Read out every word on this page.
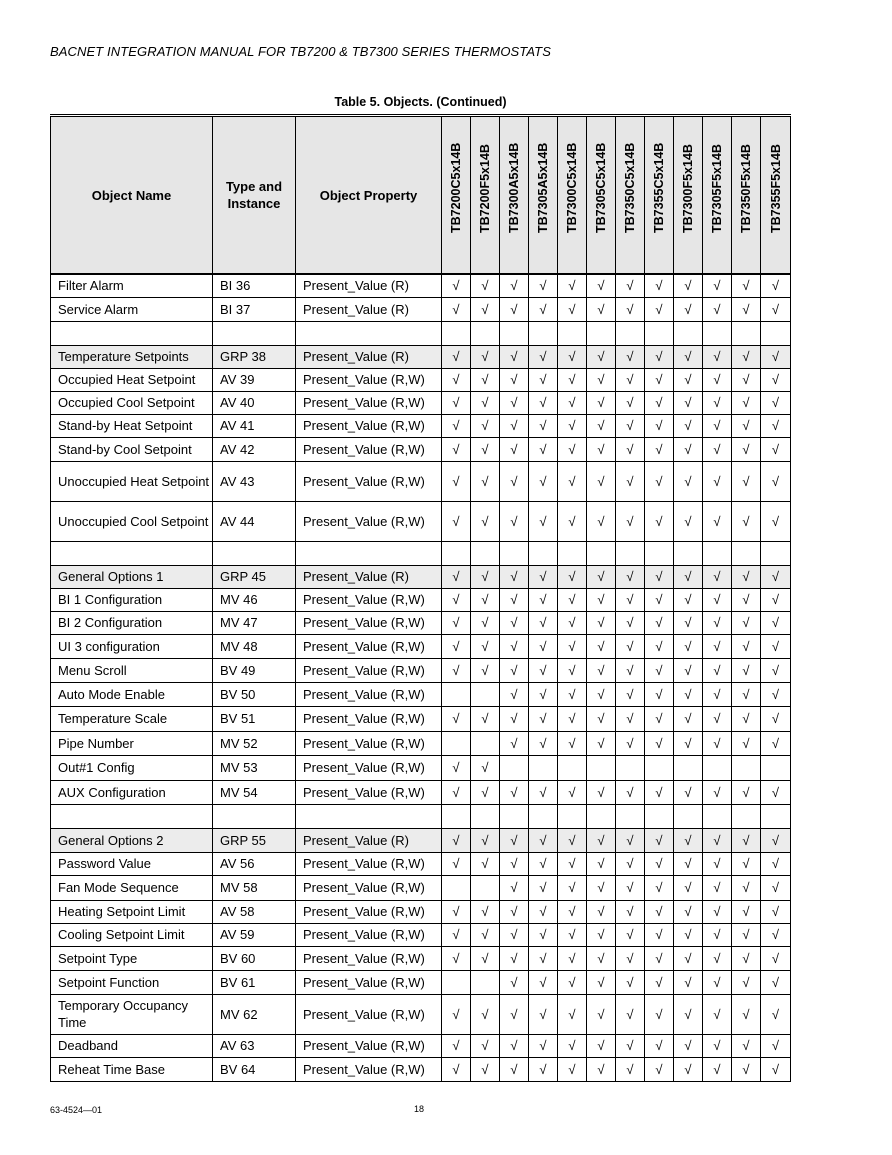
BACNET INTEGRATION MANUAL FOR TB7200 & TB7300 SERIES THERMOSTATS
Table 5. Objects. (Continued)
Object Name	Type and Instance	Object Property	TB7200C5x14B	TB7200F5x14B	TB7300A5x14B	TB7305A5x14B	TB7300C5x14B	TB7305C5x14B	TB7350C5x14B	TB7355C5x14B	TB7300F5x14B	TB7305F5x14B	TB7350F5x14B	TB7355F5x14B

Filter Alarm	BI 36	Present_Value (R)	√	√	√	√	√	√	√	√	√	√	√	√
Service Alarm	BI 37	Present_Value (R)	√	√	√	√	√	√	√	√	√	√	√	√

Temperature Setpoints	GRP 38	Present_Value (R)	√	√	√	√	√	√	√	√	√	√	√	√
Occupied Heat Setpoint	AV 39	Present_Value (R,W)	√	√	√	√	√	√	√	√	√	√	√	√
Occupied Cool Setpoint	AV 40	Present_Value (R,W)	√	√	√	√	√	√	√	√	√	√	√	√
Stand-by Heat Setpoint	AV 41	Present_Value (R,W)	√	√	√	√	√	√	√	√	√	√	√	√
Stand-by Cool Setpoint	AV 42	Present_Value (R,W)	√	√	√	√	√	√	√	√	√	√	√	√
Unoccupied Heat Setpoint	AV 43	Present_Value (R,W)	√	√	√	√	√	√	√	√	√	√	√	√
Unoccupied Cool Setpoint	AV 44	Present_Value (R,W)	√	√	√	√	√	√	√	√	√	√	√	√

General Options 1	GRP 45	Present_Value (R)	√	√	√	√	√	√	√	√	√	√	√	√
BI 1 Configuration	MV 46	Present_Value (R,W)	√	√	√	√	√	√	√	√	√	√	√	√
BI 2 Configuration	MV 47	Present_Value (R,W)	√	√	√	√	√	√	√	√	√	√	√	√
UI 3 configuration	MV 48	Present_Value (R,W)	√	√	√	√	√	√	√	√	√	√	√	√
Menu Scroll	BV 49	Present_Value (R,W)	√	√	√	√	√	√	√	√	√	√	√	√
Auto Mode Enable	BV 50	Present_Value (R,W)			√	√	√	√	√	√	√	√	√	√
Temperature Scale	BV 51	Present_Value (R,W)	√	√	√	√	√	√	√	√	√	√	√	√
Pipe Number	MV 52	Present_Value (R,W)			√	√	√	√	√	√	√	√	√	√
Out#1 Config	MV 53	Present_Value (R,W)	√	√										
AUX Configuration	MV 54	Present_Value (R,W)	√	√	√	√	√	√	√	√	√	√	√	√

General Options 2	GRP 55	Present_Value (R)	√	√	√	√	√	√	√	√	√	√	√	√
Password Value	AV 56	Present_Value (R,W)	√	√	√	√	√	√	√	√	√	√	√	√
Fan Mode Sequence	MV 58	Present_Value (R,W)			√	√	√	√	√	√	√	√	√	√
Heating Setpoint Limit	AV 58	Present_Value (R,W)	√	√	√	√	√	√	√	√	√	√	√	√
Cooling Setpoint Limit	AV 59	Present_Value (R,W)	√	√	√	√	√	√	√	√	√	√	√	√
Setpoint Type	BV 60	Present_Value (R,W)	√	√	√	√	√	√	√	√	√	√	√	√
Setpoint Function	BV 61	Present_Value (R,W)			√	√	√	√	√	√	√	√	√	√
Temporary Occupancy Time	MV 62	Present_Value (R,W)	√	√	√	√	√	√	√	√	√	√	√	√
Deadband	AV 63	Present_Value (R,W)	√	√	√	√	√	√	√	√	√	√	√	√
Reheat Time Base	BV 64	Present_Value (R,W)	√	√	√	√	√	√	√	√	√	√	√	√
63-4524—01	18
